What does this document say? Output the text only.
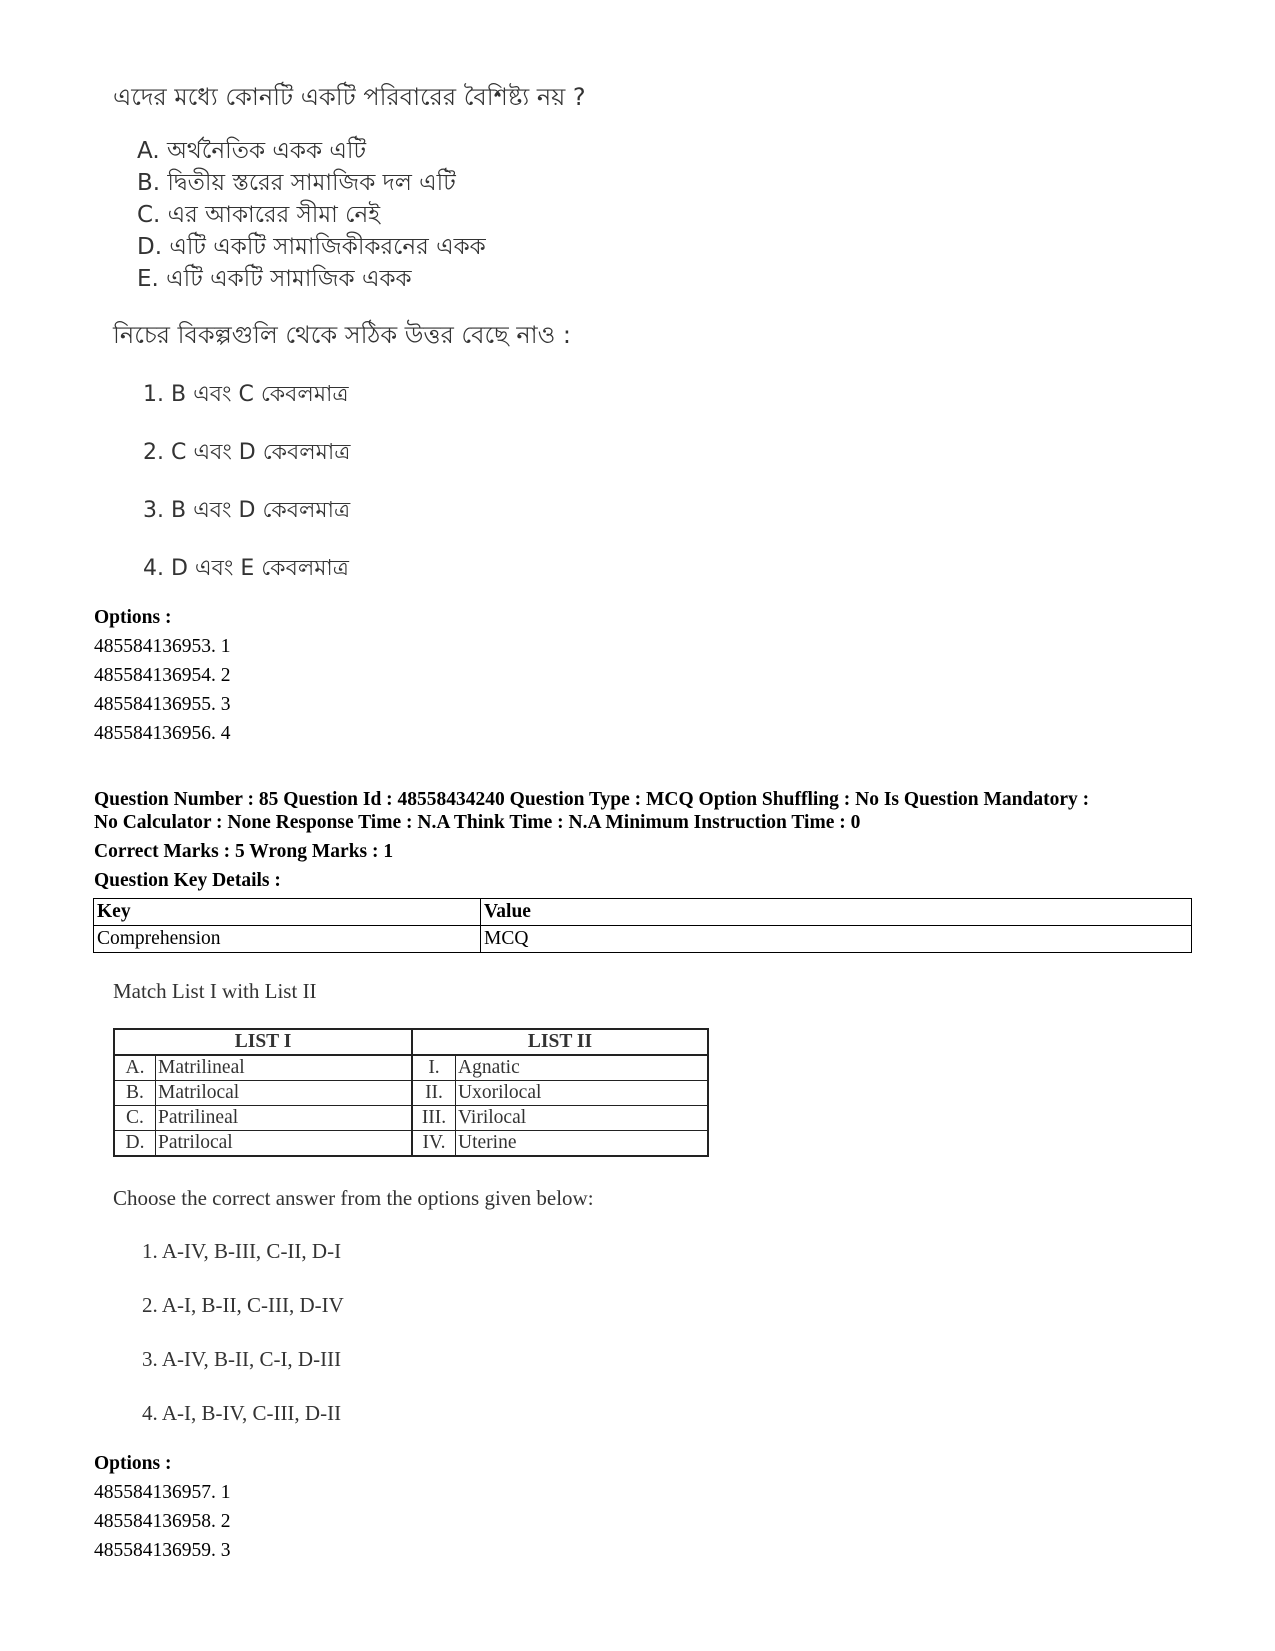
এদের মধ্যে কোনটি একটি পরিবারের বৈশিষ্ট্য নয় ?
A. অর্থনৈতিক একক এটি
B. দ্বিতীয় স্তরের সামাজিক দল এটি
C. এর আকারের সীমা নেই
D. এটি একটি সামাজিকীকরনের একক
E. এটি একটি সামাজিক একক
নিচের বিকল্পগুলি থেকে সঠিক উত্তর বেছে নাও :
1. B এবং C কেবলমাত্র
2. C এবং D কেবলমাত্র
3. B এবং D কেবলমাত্র
4. D এবং E কেবলমাত্র
Options :
485584136953. 1
485584136954. 2
485584136955. 3
485584136956. 4
Question Number : 85 Question Id : 48558434240 Question Type : MCQ Option Shuffling : No Is Question Mandatory :
No Calculator : None Response Time : N.A Think Time : N.A Minimum Instruction Time : 0
Correct Marks : 5 Wrong Marks : 1
Question Key Details :
Key	Value
Comprehension	MCQ
Match List I with List II
LIST I		LIST II	
A.	Matrilineal	I.	Agnatic
B.	Matrilocal	II.	Uxorilocal
C.	Patrilineal	III.	Virilocal
D.	Patrilocal	IV.	Uterine
Choose the correct answer from the options given below:
1. A-IV, B-III, C-II, D-I
2. A-I, B-II, C-III, D-IV
3. A-IV, B-II, C-I, D-III
4. A-I, B-IV, C-III, D-II
Options :
485584136957. 1
485584136958. 2
485584136959. 3
